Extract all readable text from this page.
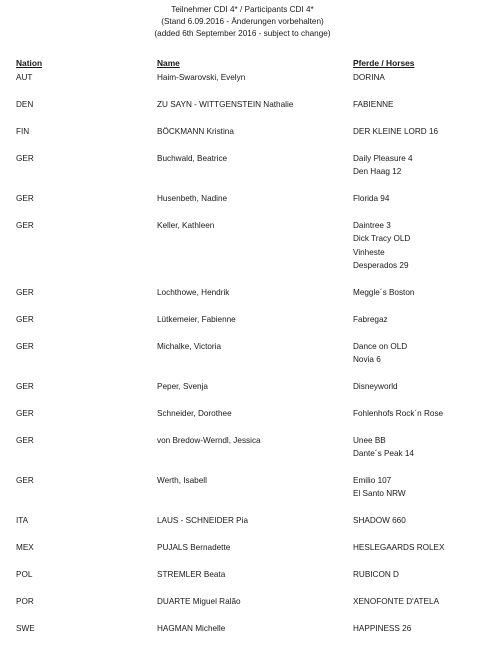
Teilnehmer CDI 4* / Participants CDI 4*
(Stand 6.09.2016 - Änderungen vorbehalten)
(added 6th September 2016 - subject to change)
Nation	Name	Pferde / Horses
AUT	Haim-Swarovski, Evelyn	DORINA
DEN	ZU SAYN - WITTGENSTEIN Nathalie	FABIENNE
FIN	BÖCKMANN Kristina	DER KLEINE LORD 16
GER	Buchwald, Beatrice	Daily Pleasure 4
Den Haag 12
GER	Husenbeth, Nadine	Florida 94
GER	Keller, Kathleen	Daintree 3
Dick Tracy OLD
Vinheste
Desperados 29
GER	Lochthowe, Hendrik	Meggle´s Boston
GER	Lütkemeier, Fabienne	Fabregaz
GER	Michalke, Victoria	Dance on OLD
Novia 6
GER	Peper, Svenja	Disneyworld
GER	Schneider, Dorothee	Fohlenhofs Rock´n Rose
GER	von Bredow-Werndl, Jessica	Unee BB
Dante´s Peak 14
GER	Werth, Isabell	Emilio 107
El Santo NRW
ITA	LAUS - SCHNEIDER Pia	SHADOW 660
MEX	PUJALS Bernadette	HESLEGAARDS ROLEX
POL	STREMLER Beata	RUBICON D
POR	DUARTE Miguel Ralão	XENOFONTE D'ATELA
SWE	HAGMAN Michelle	HAPPINESS 26
